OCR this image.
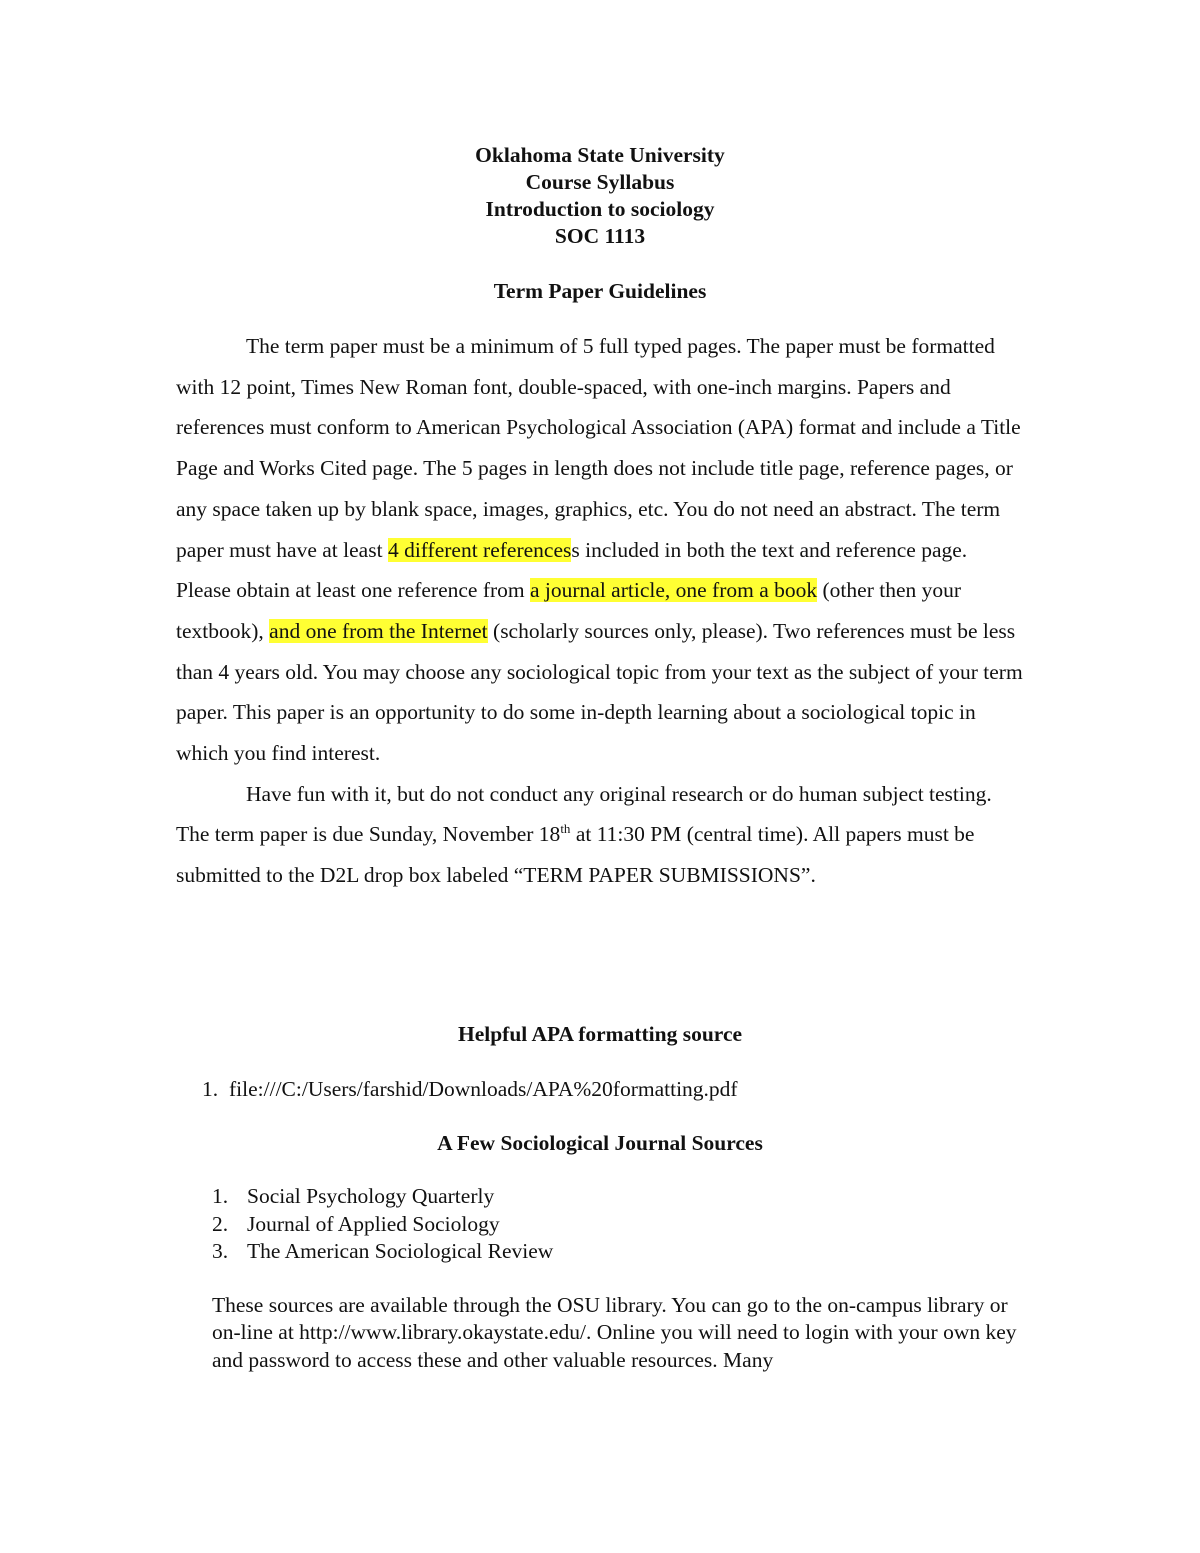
Oklahoma State University
Course Syllabus
Introduction to sociology
SOC 1113
Term Paper Guidelines

The term paper must be a minimum of 5 full typed pages. The paper must be formatted with 12 point, Times New Roman font, double-spaced, with one-inch margins. Papers and references must conform to American Psychological Association (APA) format and include a Title Page and Works Cited page. The 5 pages in length does not include title page, reference pages, or any space taken up by blank space, images, graphics, etc. You do not need an abstract. The term paper must have at least 4 different referencess included in both the text and reference page. Please obtain at least one reference from a journal article, one from a book (other then your textbook), and one from the Internet (scholarly sources only, please). Two references must be less than 4 years old. You may choose any sociological topic from your text as the subject of your term paper. This paper is an opportunity to do some in-depth learning about a sociological topic in which you find interest.

Have fun with it, but do not conduct any original research or do human subject testing. The term paper is due Sunday, November 18th at 11:30 PM (central time). All papers must be submitted to the D2L drop box labeled “TERM PAPER SUBMISSIONS”.

Helpful APA formatting source
1. file:///C:/Users/farshid/Downloads/APA%20formatting.pdf
A Few Sociological Journal Sources
1. Social Psychology Quarterly
2. Journal of Applied Sociology
3. The American Sociological Review

These sources are available through the OSU library. You can go to the on-campus library or on-line at http://www.library.okaystate.edu/. Online you will need to login with your own key and password to access these and other valuable resources. Many
